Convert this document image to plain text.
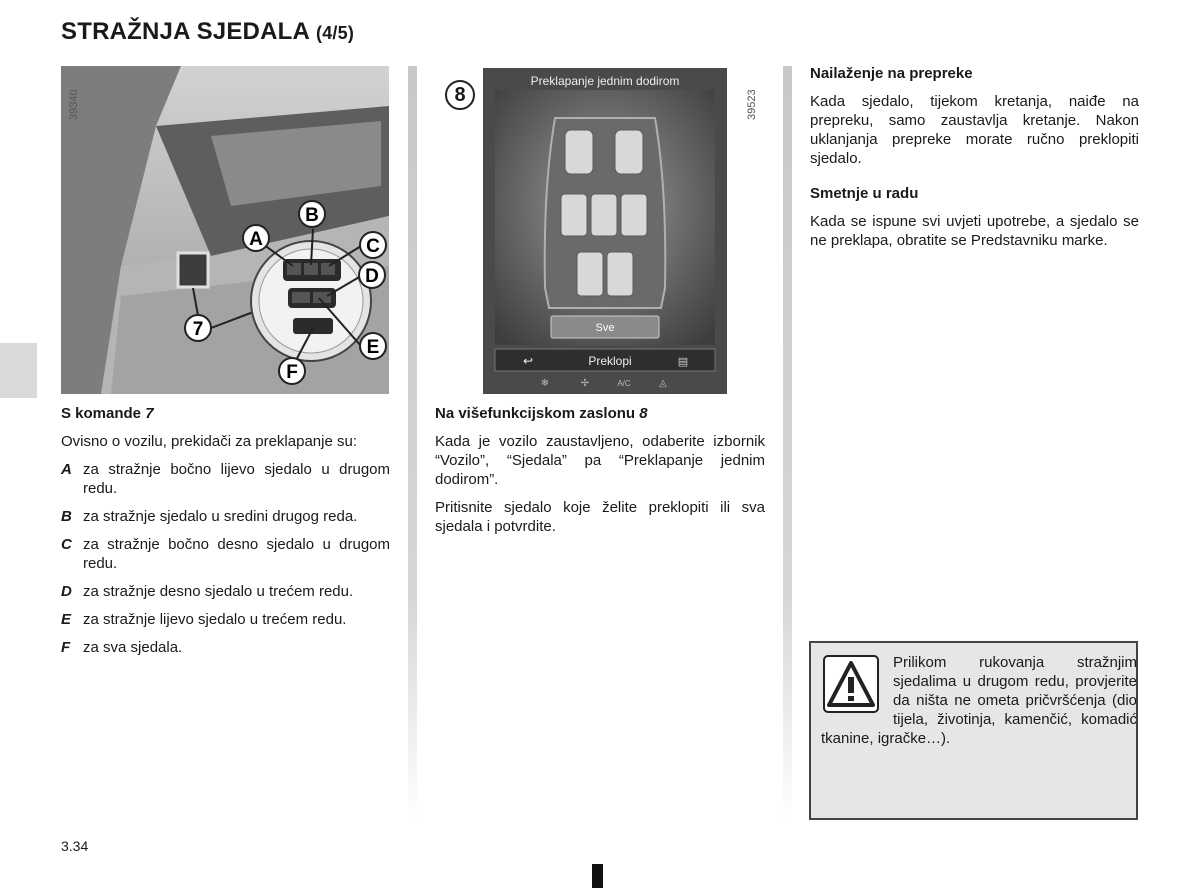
STRAŽNJA SJEDALA (4/5)
A
B
C
D
E
F
7
39340	8	39523
Sve
↩	Preklopi	▤
❄	✢	A/C	◬
Preklapanje jednim dodirom

S komande 7

Ovisno o vozilu, prekidači za preklapanje su:

A za stražnje bočno lijevo sjedalo u drugom redu.
B za stražnje sjedalo u sredini drugog reda.
C za stražnje bočno desno sjedalo u drugom redu.
D za stražnje desno sjedalo u trećem redu.
E za stražnje lijevo sjedalo u trećem redu.
F za sva sjedala.

Na višefunkcijskom zaslonu 8

Kada je vozilo zaustavljeno, odaberite izbornik “Vozilo”, “Sjedala” pa “Preklapanje jednim dodirom”.

Pritisnite sjedalo koje želite preklopiti ili sva sjedala i potvrdite.

Nailaženje na prepreke

Kada sjedalo, tijekom kretanja, naiđe na prepreku, samo zaustavlja kretanje. Nakon uklanjanja prepreke morate ručno preklopiti sjedalo.

Smetnje u radu

Kada se ispune svi uvjeti upotrebe, a sjedalo se ne preklapa, obratite se Predstavniku marke.

Prilikom rukovanja stražnjim sjedalima u drugom redu, provjerite da ništa ne ometa pričvršćenja (dio tijela, životinja, kamenčić, komadić tkanine, igračke…).
3.34
